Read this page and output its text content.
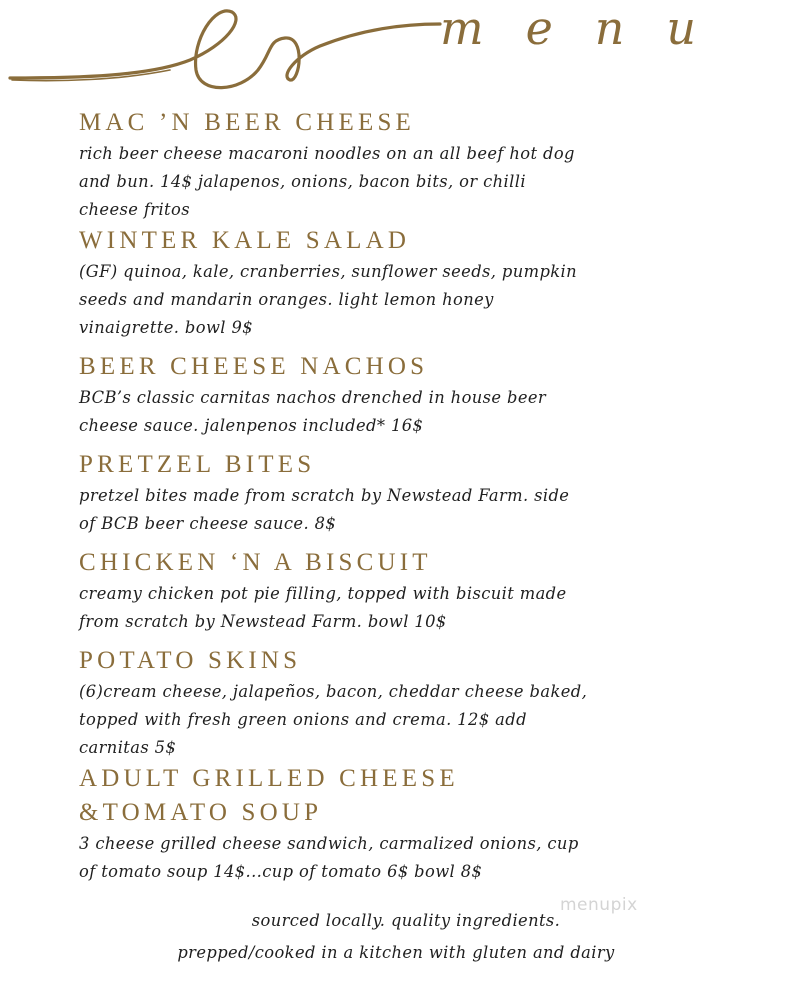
menu
MAC ’N BEER CHEESE
rich beer cheese macaroni noodles on an all beef hot dog
and bun. 14$ jalapenos, onions, bacon bits, or chilli
cheese fritos
WINTER KALE SALAD
(GF) quinoa, kale, cranberries, sunflower seeds, pumpkin
seeds and mandarin oranges. light lemon honey
vinaigrette. bowl 9$
BEER CHEESE NACHOS
BCB’s classic carnitas nachos drenched in house beer
cheese sauce. jalenpenos included* 16$
PRETZEL BITES
pretzel bites made from scratch by Newstead Farm. side
of BCB beer cheese sauce. 8$
CHICKEN ‘N A BISCUIT
creamy chicken pot pie filling, topped with biscuit made
from scratch by Newstead Farm. bowl 10$
POTATO SKINS
(6)cream cheese, jalapeños, bacon, cheddar cheese baked,
topped with fresh green onions and crema. 12$ add
carnitas 5$
ADULT GRILLED CHEESE
&TOMATO SOUP
3 cheese grilled cheese sandwich, carmalized onions, cup
of tomato soup 14$...cup of tomato 6$ bowl 8$
menupix
sourced locally. quality ingredients.
prepped/cooked in a kitchen with gluten and dairy
